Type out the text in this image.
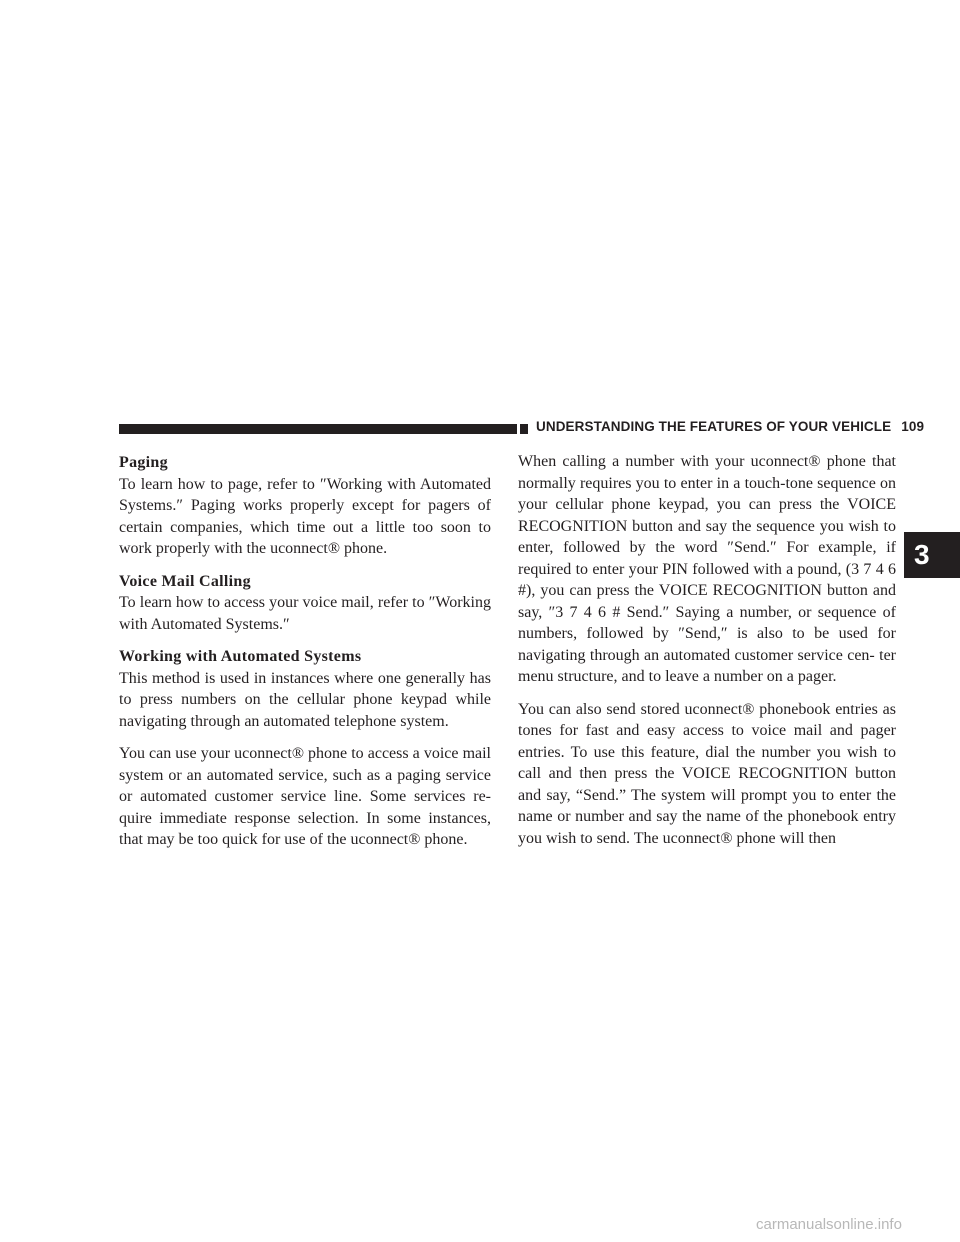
UNDERSTANDING THE FEATURES OF YOUR VEHICLE 109
Paging

To learn how to page, refer to ″Working with Automated Systems.″ Paging works properly except for pagers of certain companies, which time out a little too soon to work properly with the uconnect® phone.

Voice Mail Calling

To learn how to access your voice mail, refer to ″Working with Automated Systems.″

Working with Automated Systems

This method is used in instances where one generally has to press numbers on the cellular phone keypad while navigating through an automated telephone system.

You can use your uconnect® phone to access a voice mail system or an automated service, such as a paging service or automated customer service line. Some services re- quire immediate response selection. In some instances, that may be too quick for use of the uconnect® phone.

When calling a number with your uconnect® phone that normally requires you to enter in a touch-tone sequence on your cellular phone keypad, you can press the VOICE RECOGNITION button and say the sequence you wish to enter, followed by the word ″Send.″ For example, if required to enter your PIN followed with a pound, (3 7 4 6 #), you can press the VOICE RECOGNITION button and say, ″3 7 4 6 # Send.″ Saying a number, or sequence of numbers, followed by ″Send,″ is also to be used for navigating through an automated customer service cen- ter menu structure, and to leave a number on a pager.

You can also send stored uconnect® phonebook entries as tones for fast and easy access to voice mail and pager entries. To use this feature, dial the number you wish to call and then press the VOICE RECOGNITION button and say, “Send.” The system will prompt you to enter the name or number and say the name of the phonebook entry you wish to send. The uconnect® phone will then

3
carmanualsonline.info
